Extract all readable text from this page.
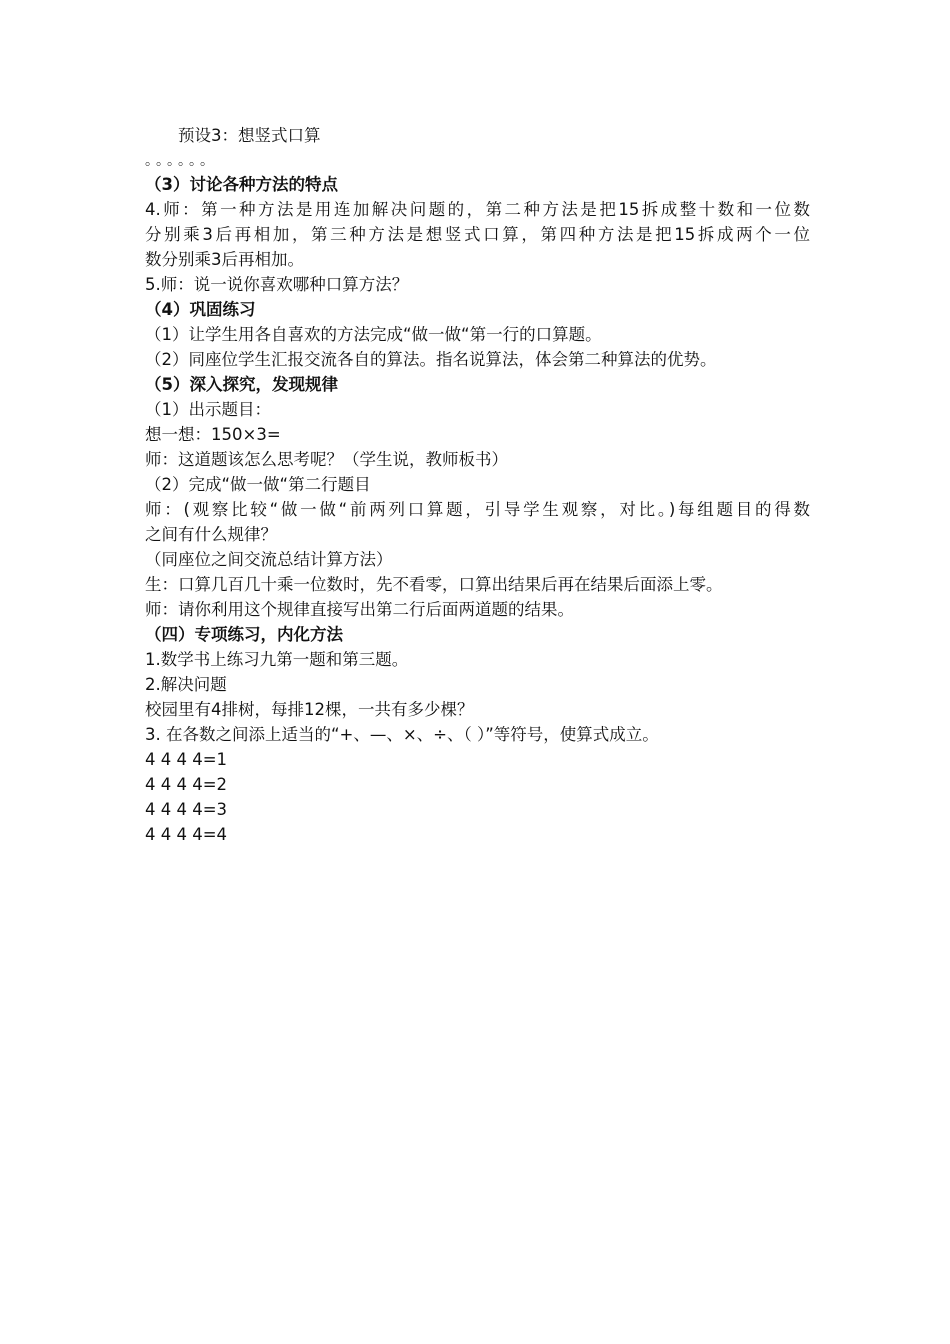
预设3：想竖式口算
。。。。。。
（3）讨论各种方法的特点
4.师：第一种方法是用连加解决问题的，第二种方法是把15拆成整十数和一位数
分别乘3后再相加，第三种方法是想竖式口算，第四种方法是把15拆成两个一位
数分别乘3后再相加。
5.师：说一说你喜欢哪种口算方法？
（4）巩固练习
（1）让学生用各自喜欢的方法完成“做一做“第一行的口算题。
（2）同座位学生汇报交流各自的算法。指名说算法，体会第二种算法的优势。
（5）深入探究，发现规律
（1）出示题目：
想一想：150×3=
师：这道题该怎么思考呢？（学生说，教师板书）
（2）完成“做一做“第二行题目
师：(观察比较“做一做“前两列口算题，引导学生观察，对比。)每组题目的得数
之间有什么规律？
（同座位之间交流总结计算方法）
生：口算几百几十乘一位数时，先不看零，口算出结果后再在结果后面添上零。
师：请你利用这个规律直接写出第二行后面两道题的结果。
（四）专项练习，内化方法
1.数学书上练习九第一题和第三题。
2.解决问题
校园里有4排树，每排12棵，一共有多少棵？
3. 在各数之间添上适当的“+、—、×、÷、（ ）”等符号，使算式成立。
4 4 4 4=1
4 4 4 4=2
4 4 4 4=3
4 4 4 4=4
